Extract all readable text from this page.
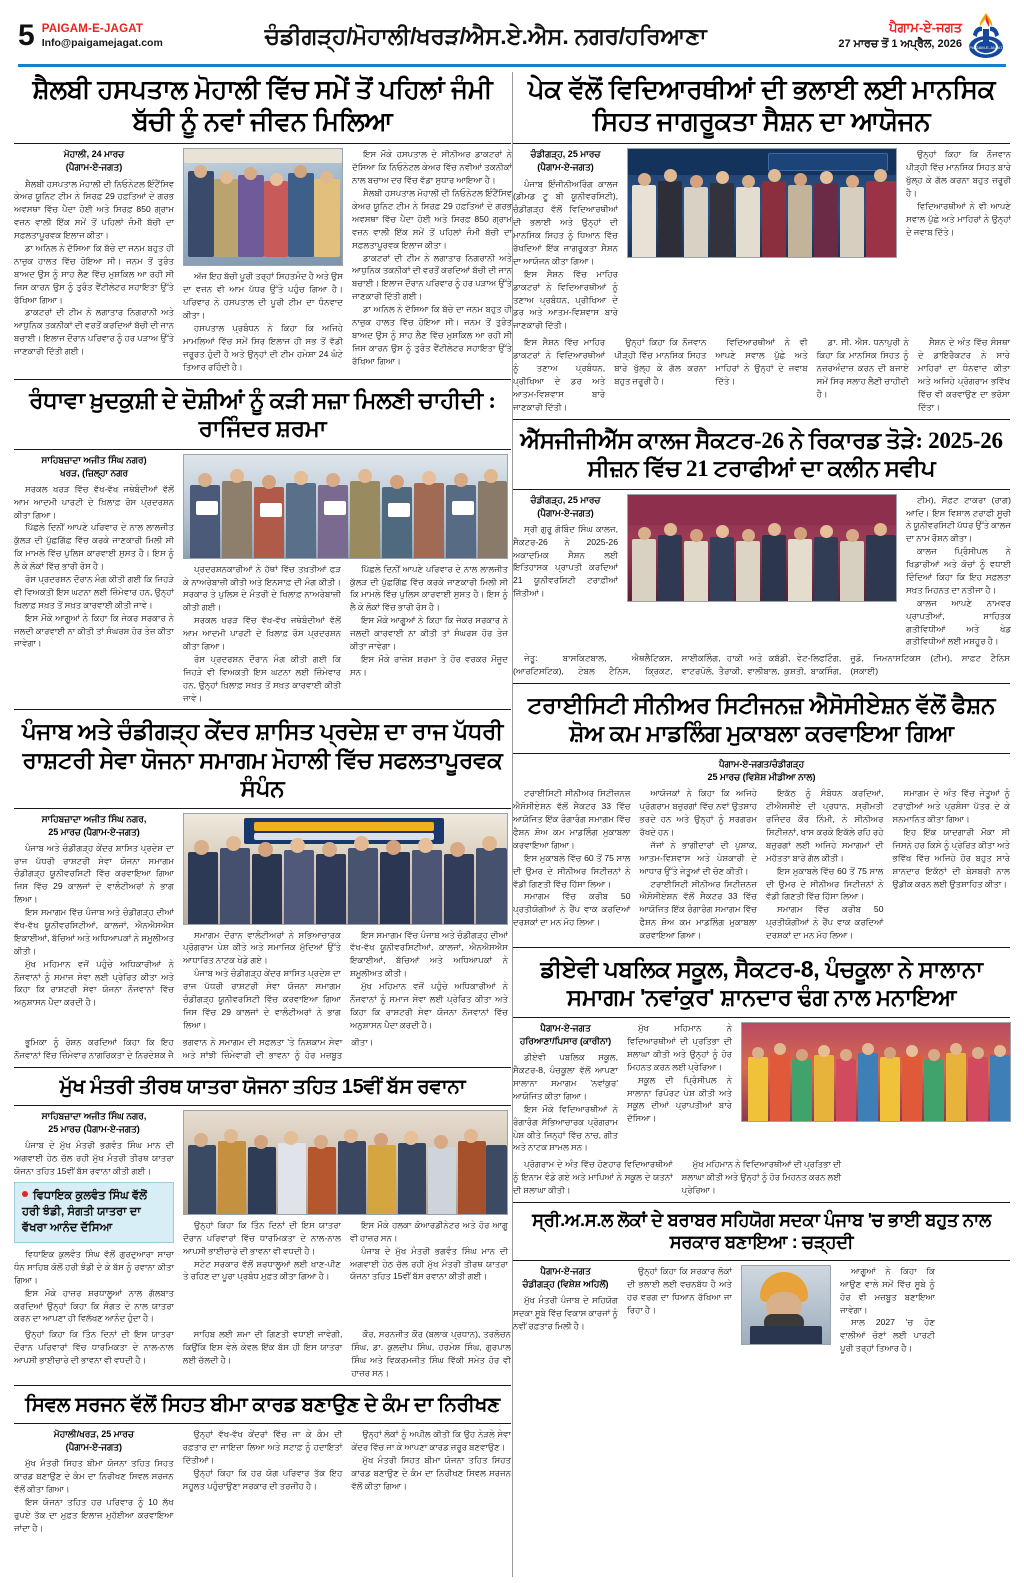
5 PAIGAM-E-JAGAT
Info@paigamejagat.com	ਚੰਡੀਗੜ੍ਹ/ਮੋਹਾਲੀ/ਖਰੜ/ਐਸ.ਏ.ਐਸ. ਨਗਰ/ਹਰਿਆਣਾ	ਪੈਗਾਮ-ਏ-ਜਗਤ
27 ਮਾਰਚ ਤੋਂ 1 ਅਪ੍ਰੈਲ, 2026 PAIGAM-E-JAGAT
ਸ਼ੈਲਬੀ ਹਸਪਤਾਲ ਮੋਹਾਲੀ ਵਿੱਚ ਸਮੇਂ ਤੋਂ ਪਹਿਲਾਂ ਜੰਮੀ ਬੱਚੀ ਨੂੰ ਨਵਾਂ ਜੀਵਨ ਮਿਲਿਆ
ਮੋਹਾਲੀ, 24 ਮਾਰਚ
(ਪੈਗਾਮ-ਏ-ਜਗਤ)

ਸ਼ੈਲਬੀ ਹਸਪਤਾਲ ਮੋਹਾਲੀ ਦੀ ਨਿਓਨੇਟਲ ਇੰਟੈਂਸਿਵ ਕੇਅਰ ਯੂਨਿਟ ਟੀਮ ਨੇ ਸਿਰਫ਼ 29 ਹਫ਼ਤਿਆਂ ਦੇ ਗਰਭ ਅਵਸਥਾ ਵਿੱਚ ਪੈਦਾ ਹੋਈ ਅਤੇ ਸਿਰਫ਼ 850 ਗ੍ਰਾਮ ਵਜ਼ਨ ਵਾਲੀ ਇੱਕ ਸਮੇਂ ਤੋਂ ਪਹਿਲਾਂ ਜੰਮੀ ਬੱਚੀ ਦਾ ਸਫ਼ਲਤਾਪੂਰਵਕ ਇਲਾਜ ਕੀਤਾ।

ਡਾ ਅਨਿਲ ਨੇ ਦੱਸਿਆ ਕਿ ਬੱਚੇ ਦਾ ਜਨਮ ਬਹੁਤ ਹੀ ਨਾਜ਼ੁਕ ਹਾਲਤ ਵਿੱਚ ਹੋਇਆ ਸੀ। ਜਨਮ ਤੋਂ ਤੁਰੰਤ ਬਾਅਦ ਉਸ ਨੂੰ ਸਾਹ ਲੈਣ ਵਿੱਚ ਮੁਸ਼ਕਿਲ ਆ ਰਹੀ ਸੀ ਜਿਸ ਕਾਰਨ ਉਸ ਨੂੰ ਤੁਰੰਤ ਵੈਂਟੀਲੇਟਰ ਸਹਾਇਤਾ ਉੱਤੇ ਰੱਖਿਆ ਗਿਆ।

ਡਾਕਟਰਾਂ ਦੀ ਟੀਮ ਨੇ ਲਗਾਤਾਰ ਨਿਗਰਾਨੀ ਅਤੇ ਆਧੁਨਿਕ ਤਕਨੀਕਾਂ ਦੀ ਵਰਤੋਂ ਕਰਦਿਆਂ ਬੱਚੀ ਦੀ ਜਾਨ ਬਚਾਈ। ਇਲਾਜ ਦੌਰਾਨ ਪਰਿਵਾਰ ਨੂੰ ਹਰ ਪੜਾਅ ਉੱਤੇ ਜਾਣਕਾਰੀ ਦਿੱਤੀ ਗਈ।

ਅੱਜ ਇਹ ਬੱਚੀ ਪੂਰੀ ਤਰ੍ਹਾਂ ਸਿਹਤਮੰਦ ਹੈ ਅਤੇ ਉਸ ਦਾ ਵਜ਼ਨ ਵੀ ਆਮ ਪੱਧਰ ਉੱਤੇ ਪਹੁੰਚ ਗਿਆ ਹੈ। ਪਰਿਵਾਰ ਨੇ ਹਸਪਤਾਲ ਦੀ ਪੂਰੀ ਟੀਮ ਦਾ ਧੰਨਵਾਦ ਕੀਤਾ।

ਹਸਪਤਾਲ ਪ੍ਰਬੰਧਨ ਨੇ ਕਿਹਾ ਕਿ ਅਜਿਹੇ ਮਾਮਲਿਆਂ ਵਿੱਚ ਸਮੇਂ ਸਿਰ ਇਲਾਜ ਹੀ ਸਭ ਤੋਂ ਵੱਡੀ ਜ਼ਰੂਰਤ ਹੁੰਦੀ ਹੈ ਅਤੇ ਉਨ੍ਹਾਂ ਦੀ ਟੀਮ ਹਮੇਸ਼ਾ 24 ਘੰਟੇ ਤਿਆਰ ਰਹਿੰਦੀ ਹੈ।

ਇਸ ਮੌਕੇ ਹਸਪਤਾਲ ਦੇ ਸੀਨੀਅਰ ਡਾਕਟਰਾਂ ਨੇ ਦੱਸਿਆ ਕਿ ਨਿਓਨੇਟਲ ਕੇਅਰ ਵਿੱਚ ਨਵੀਆਂ ਤਕਨੀਕਾਂ ਨਾਲ ਬਚਾਅ ਦਰ ਵਿੱਚ ਵੱਡਾ ਸੁਧਾਰ ਆਇਆ ਹੈ।

ਸ਼ੈਲਬੀ ਹਸਪਤਾਲ ਮੋਹਾਲੀ ਦੀ ਨਿਓਨੇਟਲ ਇੰਟੈਂਸਿਵ ਕੇਅਰ ਯੂਨਿਟ ਟੀਮ ਨੇ ਸਿਰਫ਼ 29 ਹਫ਼ਤਿਆਂ ਦੇ ਗਰਭ ਅਵਸਥਾ ਵਿੱਚ ਪੈਦਾ ਹੋਈ ਅਤੇ ਸਿਰਫ਼ 850 ਗ੍ਰਾਮ ਵਜ਼ਨ ਵਾਲੀ ਇੱਕ ਸਮੇਂ ਤੋਂ ਪਹਿਲਾਂ ਜੰਮੀ ਬੱਚੀ ਦਾ ਸਫ਼ਲਤਾਪੂਰਵਕ ਇਲਾਜ ਕੀਤਾ।

ਡਾਕਟਰਾਂ ਦੀ ਟੀਮ ਨੇ ਲਗਾਤਾਰ ਨਿਗਰਾਨੀ ਅਤੇ ਆਧੁਨਿਕ ਤਕਨੀਕਾਂ ਦੀ ਵਰਤੋਂ ਕਰਦਿਆਂ ਬੱਚੀ ਦੀ ਜਾਨ ਬਚਾਈ। ਇਲਾਜ ਦੌਰਾਨ ਪਰਿਵਾਰ ਨੂੰ ਹਰ ਪੜਾਅ ਉੱਤੇ ਜਾਣਕਾਰੀ ਦਿੱਤੀ ਗਈ।

ਡਾ ਅਨਿਲ ਨੇ ਦੱਸਿਆ ਕਿ ਬੱਚੇ ਦਾ ਜਨਮ ਬਹੁਤ ਹੀ ਨਾਜ਼ੁਕ ਹਾਲਤ ਵਿੱਚ ਹੋਇਆ ਸੀ। ਜਨਮ ਤੋਂ ਤੁਰੰਤ ਬਾਅਦ ਉਸ ਨੂੰ ਸਾਹ ਲੈਣ ਵਿੱਚ ਮੁਸ਼ਕਿਲ ਆ ਰਹੀ ਸੀ ਜਿਸ ਕਾਰਨ ਉਸ ਨੂੰ ਤੁਰੰਤ ਵੈਂਟੀਲੇਟਰ ਸਹਾਇਤਾ ਉੱਤੇ ਰੱਖਿਆ ਗਿਆ।

ਰੰਧਾਵਾ ਖ਼ੁਦਕੁਸ਼ੀ ਦੇ ਦੋਸ਼ੀਆਂ ਨੂੰ ਕੜੀ ਸਜ਼ਾ ਮਿਲਣੀ ਚਾਹੀਦੀ : ਰਾਜਿੰਦਰ ਸ਼ਰਮਾ
ਸਾਹਿਬਜ਼ਾਦਾ ਅਜੀਤ ਸਿੰਘ ਨਗਰ)
ਖਰੜ, (ਜ਼ਿਲ੍ਹਾ ਨਗਰ

ਸਰਕਲ ਖਰੜ ਵਿੱਚ ਵੱਖ-ਵੱਖ ਜਥੇਬੰਦੀਆਂ ਵੱਲੋਂ ਆਮ ਆਦਮੀ ਪਾਰਟੀ ਦੇ ਖ਼ਿਲਾਫ਼ ਰੋਸ ਪ੍ਰਦਰਸ਼ਨ ਕੀਤਾ ਗਿਆ।

ਪਿੱਛਲੇ ਦਿਨੀਂ ਆਪਣੇ ਪਰਿਵਾਰ ਦੇ ਨਾਲ ਲਾਲਜੀਤ ਕੁੱਲੜ ਦੀ ਪੁੱਛਗਿੱਛ ਵਿੱਚ ਕਰਕੇ ਜਾਣਕਾਰੀ ਮਿਲੀ ਸੀ ਕਿ ਮਾਮਲੇ ਵਿੱਚ ਪੁਲਿਸ ਕਾਰਵਾਈ ਸੁਸਤ ਹੈ। ਇਸ ਨੂੰ ਲੈ ਕੇ ਲੋਕਾਂ ਵਿੱਚ ਭਾਰੀ ਰੋਸ ਹੈ।

ਰੋਸ ਪ੍ਰਦਰਸ਼ਨ ਦੌਰਾਨ ਮੰਗ ਕੀਤੀ ਗਈ ਕਿ ਜਿਹੜੇ ਵੀ ਵਿਅਕਤੀ ਇਸ ਘਟਨਾ ਲਈ ਜ਼ਿੰਮੇਵਾਰ ਹਨ, ਉਨ੍ਹਾਂ ਖ਼ਿਲਾਫ਼ ਸਖ਼ਤ ਤੋਂ ਸਖ਼ਤ ਕਾਰਵਾਈ ਕੀਤੀ ਜਾਵੇ।

ਇਸ ਮੌਕੇ ਆਗੂਆਂ ਨੇ ਕਿਹਾ ਕਿ ਜੇਕਰ ਸਰਕਾਰ ਨੇ ਜਲਦੀ ਕਾਰਵਾਈ ਨਾ ਕੀਤੀ ਤਾਂ ਸੰਘਰਸ਼ ਹੋਰ ਤੇਜ਼ ਕੀਤਾ ਜਾਵੇਗਾ।

ਪ੍ਰਦਰਸ਼ਨਕਾਰੀਆਂ ਨੇ ਹੱਥਾਂ ਵਿੱਚ ਤਖ਼ਤੀਆਂ ਫੜ ਕੇ ਨਾਅਰੇਬਾਜ਼ੀ ਕੀਤੀ ਅਤੇ ਇਨਸਾਫ਼ ਦੀ ਮੰਗ ਕੀਤੀ। ਸਰਕਾਰ ਤੇ ਪੁਲਿਸ ਦੇ ਮੰਤਰੀ ਦੇ ਖਿਲਾਫ਼ ਨਾਅਰੇਬਾਜ਼ੀ ਕੀਤੀ ਗਈ।

ਸਰਕਲ ਖਰੜ ਵਿੱਚ ਵੱਖ-ਵੱਖ ਜਥੇਬੰਦੀਆਂ ਵੱਲੋਂ ਆਮ ਆਦਮੀ ਪਾਰਟੀ ਦੇ ਖ਼ਿਲਾਫ਼ ਰੋਸ ਪ੍ਰਦਰਸ਼ਨ ਕੀਤਾ ਗਿਆ।

ਰੋਸ ਪ੍ਰਦਰਸ਼ਨ ਦੌਰਾਨ ਮੰਗ ਕੀਤੀ ਗਈ ਕਿ ਜਿਹੜੇ ਵੀ ਵਿਅਕਤੀ ਇਸ ਘਟਨਾ ਲਈ ਜ਼ਿੰਮੇਵਾਰ ਹਨ, ਉਨ੍ਹਾਂ ਖ਼ਿਲਾਫ਼ ਸਖ਼ਤ ਤੋਂ ਸਖ਼ਤ ਕਾਰਵਾਈ ਕੀਤੀ ਜਾਵੇ।

ਪਿੱਛਲੇ ਦਿਨੀਂ ਆਪਣੇ ਪਰਿਵਾਰ ਦੇ ਨਾਲ ਲਾਲਜੀਤ ਕੁੱਲੜ ਦੀ ਪੁੱਛਗਿੱਛ ਵਿੱਚ ਕਰਕੇ ਜਾਣਕਾਰੀ ਮਿਲੀ ਸੀ ਕਿ ਮਾਮਲੇ ਵਿੱਚ ਪੁਲਿਸ ਕਾਰਵਾਈ ਸੁਸਤ ਹੈ। ਇਸ ਨੂੰ ਲੈ ਕੇ ਲੋਕਾਂ ਵਿੱਚ ਭਾਰੀ ਰੋਸ ਹੈ।

ਇਸ ਮੌਕੇ ਆਗੂਆਂ ਨੇ ਕਿਹਾ ਕਿ ਜੇਕਰ ਸਰਕਾਰ ਨੇ ਜਲਦੀ ਕਾਰਵਾਈ ਨਾ ਕੀਤੀ ਤਾਂ ਸੰਘਰਸ਼ ਹੋਰ ਤੇਜ਼ ਕੀਤਾ ਜਾਵੇਗਾ।

ਇਸ ਮੌਕੇ ਰਾਜੇਸ਼ ਸ਼ਰਮਾ ਤੇ ਹੋਰ ਵਰਕਰ ਮੌਜੂਦ ਸਨ।

ਪੰਜਾਬ ਅਤੇ ਚੰਡੀਗੜ੍ਹ ਕੇਂਦਰ ਸ਼ਾਸਿਤ ਪ੍ਰਦੇਸ਼ ਦਾ ਰਾਜ ਪੱਧਰੀ ਰਾਸ਼ਟਰੀ ਸੇਵਾ ਯੋਜਨਾ ਸਮਾਗਮ ਮੋਹਾਲੀ ਵਿੱਚ ਸਫਲਤਾਪੂਰਵਕ ਸੰਪੰਨ
ਸਾਹਿਬਜ਼ਾਦਾ ਅਜੀਤ ਸਿੰਘ ਨਗਰ,
25 ਮਾਰਚ (ਪੈਗਾਮ-ਏ-ਜਗਤ)

ਪੰਜਾਬ ਅਤੇ ਚੰਡੀਗੜ੍ਹ ਕੇਂਦਰ ਸ਼ਾਸਿਤ ਪ੍ਰਦੇਸ਼ ਦਾ ਰਾਜ ਪੱਧਰੀ ਰਾਸ਼ਟਰੀ ਸੇਵਾ ਯੋਜਨਾ ਸਮਾਗਮ ਚੰਡੀਗੜ੍ਹ ਯੂਨੀਵਰਸਿਟੀ ਵਿੱਚ ਕਰਵਾਇਆ ਗਿਆ ਜਿਸ ਵਿੱਚ 29 ਕਾਲਜਾਂ ਦੇ ਵਾਲੰਟੀਅਰਾਂ ਨੇ ਭਾਗ ਲਿਆ।

ਇਸ ਸਮਾਗਮ ਵਿੱਚ ਪੰਜਾਬ ਅਤੇ ਚੰਡੀਗੜ੍ਹ ਦੀਆਂ ਵੱਖ-ਵੱਖ ਯੂਨੀਵਰਸਿਟੀਆਂ, ਕਾਲਜਾਂ, ਐਨਐਸਐਸ ਇਕਾਈਆਂ, ਬੱਚਿਆਂ ਅਤੇ ਅਧਿਆਪਕਾਂ ਨੇ ਸ਼ਮੂਲੀਅਤ ਕੀਤੀ।

ਮੁੱਖ ਮਹਿਮਾਨ ਵਜੋਂ ਪਹੁੰਚੇ ਅਧਿਕਾਰੀਆਂ ਨੇ ਨੌਜਵਾਨਾਂ ਨੂੰ ਸਮਾਜ ਸੇਵਾ ਲਈ ਪ੍ਰੇਰਿਤ ਕੀਤਾ ਅਤੇ ਕਿਹਾ ਕਿ ਰਾਸ਼ਟਰੀ ਸੇਵਾ ਯੋਜਨਾ ਨੌਜਵਾਨਾਂ ਵਿੱਚ ਅਨੁਸ਼ਾਸਨ ਪੈਦਾ ਕਰਦੀ ਹੈ।

ਸਮਾਗਮ ਦੌਰਾਨ ਵਾਲੰਟੀਅਰਾਂ ਨੇ ਸਭਿਆਚਾਰਕ ਪ੍ਰੋਗਰਾਮ ਪੇਸ਼ ਕੀਤੇ ਅਤੇ ਸਮਾਜਿਕ ਮੁੱਦਿਆਂ ਉੱਤੇ ਆਧਾਰਿਤ ਨਾਟਕ ਖੇਡੇ ਗਏ।

ਪੰਜਾਬ ਅਤੇ ਚੰਡੀਗੜ੍ਹ ਕੇਂਦਰ ਸ਼ਾਸਿਤ ਪ੍ਰਦੇਸ਼ ਦਾ ਰਾਜ ਪੱਧਰੀ ਰਾਸ਼ਟਰੀ ਸੇਵਾ ਯੋਜਨਾ ਸਮਾਗਮ ਚੰਡੀਗੜ੍ਹ ਯੂਨੀਵਰਸਿਟੀ ਵਿੱਚ ਕਰਵਾਇਆ ਗਿਆ ਜਿਸ ਵਿੱਚ 29 ਕਾਲਜਾਂ ਦੇ ਵਾਲੰਟੀਅਰਾਂ ਨੇ ਭਾਗ ਲਿਆ।

ਇਸ ਸਮਾਗਮ ਵਿੱਚ ਪੰਜਾਬ ਅਤੇ ਚੰਡੀਗੜ੍ਹ ਦੀਆਂ ਵੱਖ-ਵੱਖ ਯੂਨੀਵਰਸਿਟੀਆਂ, ਕਾਲਜਾਂ, ਐਨਐਸਐਸ ਇਕਾਈਆਂ, ਬੱਚਿਆਂ ਅਤੇ ਅਧਿਆਪਕਾਂ ਨੇ ਸ਼ਮੂਲੀਅਤ ਕੀਤੀ।

ਮੁੱਖ ਮਹਿਮਾਨ ਵਜੋਂ ਪਹੁੰਚੇ ਅਧਿਕਾਰੀਆਂ ਨੇ ਨੌਜਵਾਨਾਂ ਨੂੰ ਸਮਾਜ ਸੇਵਾ ਲਈ ਪ੍ਰੇਰਿਤ ਕੀਤਾ ਅਤੇ ਕਿਹਾ ਕਿ ਰਾਸ਼ਟਰੀ ਸੇਵਾ ਯੋਜਨਾ ਨੌਜਵਾਨਾਂ ਵਿੱਚ ਅਨੁਸ਼ਾਸਨ ਪੈਦਾ ਕਰਦੀ ਹੈ।

ਭੂਮਿਕਾ ਨੂੰ ਰੋਸ਼ਨ ਕਰਦਿਆਂ ਕਿਹਾ ਕਿ ਇਹ ਨੌਜਵਾਨਾਂ ਵਿੱਚ ਜ਼ਿੰਮੇਵਾਰ ਨਾਗਰਿਕਤਾ ਦੇ ਨਿਰਦੇਸ਼ਕ ਜੈ ਭਗਵਾਨ ਨੇ ਸਮਾਗਮ ਦੀ ਸਫਲਤਾ 'ਤੇ ਨਿਸ਼ਕਾਮ ਸੇਵਾ ਅਤੇ ਸਾਂਝੀ ਜ਼ਿੰਮੇਵਾਰੀ ਦੀ ਭਾਵਨਾ ਨੂੰ ਹੋਰ ਮਜ਼ਬੂਤ ਕੀਤਾ।

ਮੁੱਖ ਮੰਤਰੀ ਤੀਰਥ ਯਾਤਰਾ ਯੋਜਨਾ ਤਹਿਤ 15ਵੀਂ ਬੱਸ ਰਵਾਨਾ
ਸਾਹਿਬਜ਼ਾਦਾ ਅਜੀਤ ਸਿੰਘ ਨਗਰ,
25 ਮਾਰਚ (ਪੈਗਾਮ-ਏ-ਜਗਤ)

ਪੰਜਾਬ ਦੇ ਮੁੱਖ ਮੰਤਰੀ ਭਗਵੰਤ ਸਿੰਘ ਮਾਨ ਦੀ ਅਗਵਾਈ ਹੇਠ ਚੱਲ ਰਹੀ ਮੁੱਖ ਮੰਤਰੀ ਤੀਰਥ ਯਾਤਰਾ ਯੋਜਨਾ ਤਹਿਤ 15ਵੀਂ ਬੱਸ ਰਵਾਨਾ ਕੀਤੀ ਗਈ।

ਵਿਧਾਇਕ ਕੁਲਵੰਤ ਸਿੰਘ ਵੱਲੋਂ ਹਰੀ ਝੰਡੀ, ਸੰਗਤੀ ਯਾਤਰਾ ਦਾ ਵੱਖਰਾ ਆਨੰਦ ਦੱਸਿਆ

ਵਿਧਾਇਕ ਕੁਲਵੰਤ ਸਿੰਘ ਵੱਲੋਂ ਗੁਰਦੁਆਰਾ ਸਾਚਾ ਧੰਨ ਸਾਹਿਬ ਕੋਲੋਂ ਹਰੀ ਝੰਡੀ ਦੇ ਕੇ ਬੱਸ ਨੂੰ ਰਵਾਨਾ ਕੀਤਾ ਗਿਆ।

ਇਸ ਮੌਕੇ ਹਾਜ਼ਰ ਸ਼ਰਧਾਲੂਆਂ ਨਾਲ ਗੱਲਬਾਤ ਕਰਦਿਆਂ ਉਨ੍ਹਾਂ ਕਿਹਾ ਕਿ ਸੰਗਤ ਦੇ ਨਾਲ ਯਾਤਰਾ ਕਰਨ ਦਾ ਆਪਣਾ ਹੀ ਵਿਲੱਖਣ ਆਨੰਦ ਹੁੰਦਾ ਹੈ।

ਉਨ੍ਹਾਂ ਕਿਹਾ ਕਿ ਤਿੰਨ ਦਿਨਾਂ ਦੀ ਇਸ ਯਾਤਰਾ ਦੌਰਾਨ ਪਰਿਵਾਰਾਂ ਵਿੱਚ ਧਾਰਮਿਕਤਾ ਦੇ ਨਾਲ-ਨਾਲ ਆਪਸੀ ਭਾਈਚਾਰੇ ਦੀ ਭਾਵਨਾ ਵੀ ਵਧਦੀ ਹੈ।

ਸਟੇਟ ਸਰਕਾਰ ਵੱਲੋਂ ਸ਼ਰਧਾਲੂਆਂ ਲਈ ਖਾਣ-ਪੀਣ ਤੇ ਰਹਿਣ ਦਾ ਪੂਰਾ ਪ੍ਰਬੰਧ ਮੁਫ਼ਤ ਕੀਤਾ ਗਿਆ ਹੈ।

ਇਸ ਮੌਕੇ ਹਲਕਾ ਕੋਆਰਡੀਨੇਟਰ ਅਤੇ ਹੋਰ ਆਗੂ ਵੀ ਹਾਜ਼ਰ ਸਨ।

ਪੰਜਾਬ ਦੇ ਮੁੱਖ ਮੰਤਰੀ ਭਗਵੰਤ ਸਿੰਘ ਮਾਨ ਦੀ ਅਗਵਾਈ ਹੇਠ ਚੱਲ ਰਹੀ ਮੁੱਖ ਮੰਤਰੀ ਤੀਰਥ ਯਾਤਰਾ ਯੋਜਨਾ ਤਹਿਤ 15ਵੀਂ ਬੱਸ ਰਵਾਨਾ ਕੀਤੀ ਗਈ।

ਉਨ੍ਹਾਂ ਕਿਹਾ ਕਿ ਤਿੰਨ ਦਿਨਾਂ ਦੀ ਇਸ ਯਾਤਰਾ ਦੌਰਾਨ ਪਰਿਵਾਰਾਂ ਵਿੱਚ ਧਾਰਮਿਕਤਾ ਦੇ ਨਾਲ-ਨਾਲ ਆਪਸੀ ਭਾਈਚਾਰੇ ਦੀ ਭਾਵਨਾ ਵੀ ਵਧਦੀ ਹੈ।

ਸਾਹਿਬ ਲਈ ਸ਼ਮਾ ਦੀ ਗਿਣਤੀ ਵਧਾਈ ਜਾਵੇਗੀ, ਕਿਉਂਕਿ ਇਸ ਵੇਲੇ ਕੇਵਲ ਇੱਕ ਬੱਸ ਹੀ ਇਸ ਯਾਤਰਾ ਲਈ ਚੱਲਦੀ ਹੈ।

ਕੌਰ, ਸਰਨਜੀਤ ਕੌਰ (ਬਲਾਕ ਪ੍ਰਧਾਨ), ਤਰਲੋਚਨ ਸਿੰਘ, ਡਾ. ਕੁਲਦੀਪ ਸਿੰਘ, ਹਰਮੇਸ਼ ਸਿੰਘ, ਗੁਰਪਾਲ ਸਿੰਘ ਅਤੇ ਵਿਕਰਮਜੀਤ ਸਿੰਘ ਵਿੱਕੀ ਸਮੇਤ ਹੋਰ ਵੀ ਹਾਜ਼ਰ ਸਨ।

ਸਿਵਲ ਸਰਜਨ ਵੱਲੋਂ ਸਿਹਤ ਬੀਮਾ ਕਾਰਡ ਬਣਾਉਣ ਦੇ ਕੰਮ ਦਾ ਨਿਰੀਖਣ
ਮੋਹਾਲੀ/ਖਰੜ, 25 ਮਾਰਚ
(ਪੈਗਾਮ-ਏ-ਜਗਤ)

ਮੁੱਖ ਮੰਤਰੀ ਸਿਹਤ ਬੀਮਾ ਯੋਜਨਾ ਤਹਿਤ ਸਿਹਤ ਕਾਰਡ ਬਣਾਉਣ ਦੇ ਕੰਮ ਦਾ ਨਿਰੀਖਣ ਸਿਵਲ ਸਰਜਨ ਵੱਲੋਂ ਕੀਤਾ ਗਿਆ।

ਇਸ ਯੋਜਨਾ ਤਹਿਤ ਹਰ ਪਰਿਵਾਰ ਨੂੰ 10 ਲੱਖ ਰੁਪਏ ਤੱਕ ਦਾ ਮੁਫ਼ਤ ਇਲਾਜ ਮੁਹੱਈਆ ਕਰਵਾਇਆ ਜਾਂਦਾ ਹੈ।

ਉਨ੍ਹਾਂ ਵੱਖ-ਵੱਖ ਕੇਂਦਰਾਂ ਵਿੱਚ ਜਾ ਕੇ ਕੰਮ ਦੀ ਰਫ਼ਤਾਰ ਦਾ ਜਾਇਜ਼ਾ ਲਿਆ ਅਤੇ ਸਟਾਫ਼ ਨੂੰ ਹਦਾਇਤਾਂ ਦਿੱਤੀਆਂ।

ਉਨ੍ਹਾਂ ਕਿਹਾ ਕਿ ਹਰ ਯੋਗ ਪਰਿਵਾਰ ਤੱਕ ਇਹ ਸਹੂਲਤ ਪਹੁੰਚਾਉਣਾ ਸਰਕਾਰ ਦੀ ਤਰਜੀਹ ਹੈ।

ਉਨ੍ਹਾਂ ਲੋਕਾਂ ਨੂੰ ਅਪੀਲ ਕੀਤੀ ਕਿ ਉਹ ਨੇੜਲੇ ਸੇਵਾ ਕੇਂਦਰ ਵਿੱਚ ਜਾ ਕੇ ਆਪਣਾ ਕਾਰਡ ਜ਼ਰੂਰ ਬਣਵਾਉਣ।

ਮੁੱਖ ਮੰਤਰੀ ਸਿਹਤ ਬੀਮਾ ਯੋਜਨਾ ਤਹਿਤ ਸਿਹਤ ਕਾਰਡ ਬਣਾਉਣ ਦੇ ਕੰਮ ਦਾ ਨਿਰੀਖਣ ਸਿਵਲ ਸਰਜਨ ਵੱਲੋਂ ਕੀਤਾ ਗਿਆ।

ਪੇਕ ਵੱਲੋਂ ਵਿਦਿਆਰਥੀਆਂ ਦੀ ਭਲਾਈ ਲਈ ਮਾਨਸਿਕ ਸਿਹਤ ਜਾਗਰੂਕਤਾ ਸੈਸ਼ਨ ਦਾ ਆਯੋਜਨ
ਚੰਡੀਗੜ੍ਹ, 25 ਮਾਰਚ
(ਪੈਗਾਮ-ਏ-ਜਗਤ)

ਪੰਜਾਬ ਇੰਜੀਨੀਅਰਿੰਗ ਕਾਲਜ (ਡੀਮਡ ਟੂ ਬੀ ਯੂਨੀਵਰਸਿਟੀ), ਚੰਡੀਗੜ੍ਹ ਵੱਲੋਂ ਵਿਦਿਆਰਥੀਆਂ ਦੀ ਭਲਾਈ ਅਤੇ ਉਨ੍ਹਾਂ ਦੀ ਮਾਨਸਿਕ ਸਿਹਤ ਨੂੰ ਧਿਆਨ ਵਿੱਚ ਰੱਖਦਿਆਂ ਇੱਕ ਜਾਗਰੂਕਤਾ ਸੈਸ਼ਨ ਦਾ ਆਯੋਜਨ ਕੀਤਾ ਗਿਆ।

ਇਸ ਸੈਸ਼ਨ ਵਿੱਚ ਮਾਹਿਰ ਡਾਕਟਰਾਂ ਨੇ ਵਿਦਿਆਰਥੀਆਂ ਨੂੰ ਤਣਾਅ ਪ੍ਰਬੰਧਨ, ਪ੍ਰੀਖਿਆ ਦੇ ਡਰ ਅਤੇ ਆਤਮ-ਵਿਸ਼ਵਾਸ ਬਾਰੇ ਜਾਣਕਾਰੀ ਦਿੱਤੀ।

ਉਨ੍ਹਾਂ ਕਿਹਾ ਕਿ ਨੌਜਵਾਨ ਪੀੜ੍ਹੀ ਵਿੱਚ ਮਾਨਸਿਕ ਸਿਹਤ ਬਾਰੇ ਖੁੱਲ੍ਹ ਕੇ ਗੱਲ ਕਰਨਾ ਬਹੁਤ ਜ਼ਰੂਰੀ ਹੈ।

ਵਿਦਿਆਰਥੀਆਂ ਨੇ ਵੀ ਆਪਣੇ ਸਵਾਲ ਪੁੱਛੇ ਅਤੇ ਮਾਹਿਰਾਂ ਨੇ ਉਨ੍ਹਾਂ ਦੇ ਜਵਾਬ ਦਿੱਤੇ।

ਇਸ ਸੈਸ਼ਨ ਵਿੱਚ ਮਾਹਿਰ ਡਾਕਟਰਾਂ ਨੇ ਵਿਦਿਆਰਥੀਆਂ ਨੂੰ ਤਣਾਅ ਪ੍ਰਬੰਧਨ, ਪ੍ਰੀਖਿਆ ਦੇ ਡਰ ਅਤੇ ਆਤਮ-ਵਿਸ਼ਵਾਸ ਬਾਰੇ ਜਾਣਕਾਰੀ ਦਿੱਤੀ।

ਉਨ੍ਹਾਂ ਕਿਹਾ ਕਿ ਨੌਜਵਾਨ ਪੀੜ੍ਹੀ ਵਿੱਚ ਮਾਨਸਿਕ ਸਿਹਤ ਬਾਰੇ ਖੁੱਲ੍ਹ ਕੇ ਗੱਲ ਕਰਨਾ ਬਹੁਤ ਜ਼ਰੂਰੀ ਹੈ।

ਵਿਦਿਆਰਥੀਆਂ ਨੇ ਵੀ ਆਪਣੇ ਸਵਾਲ ਪੁੱਛੇ ਅਤੇ ਮਾਹਿਰਾਂ ਨੇ ਉਨ੍ਹਾਂ ਦੇ ਜਵਾਬ ਦਿੱਤੇ।

ਡਾ. ਸੀ. ਐਸ. ਧਨਾਪੁਰੀ ਨੇ ਕਿਹਾ ਕਿ ਮਾਨਸਿਕ ਸਿਹਤ ਨੂੰ ਨਜ਼ਰਅੰਦਾਜ਼ ਕਰਨ ਦੀ ਬਜਾਏ ਸਮੇਂ ਸਿਰ ਸਲਾਹ ਲੈਣੀ ਚਾਹੀਦੀ ਹੈ।

ਸੈਸ਼ਨ ਦੇ ਅੰਤ ਵਿੱਚ ਸੰਸਥਾ ਦੇ ਡਾਇਰੈਕਟਰ ਨੇ ਸਾਰੇ ਮਾਹਿਰਾਂ ਦਾ ਧੰਨਵਾਦ ਕੀਤਾ ਅਤੇ ਅਜਿਹੇ ਪ੍ਰੋਗਰਾਮ ਭਵਿੱਖ ਵਿੱਚ ਵੀ ਕਰਵਾਉਣ ਦਾ ਭਰੋਸਾ ਦਿੱਤਾ।

ਐੱਸਜੀਜੀਐੱਸ ਕਾਲਜ ਸੈਕਟਰ-26 ਨੇ ਰਿਕਾਰਡ ਤੋੜੇ: 2025-26 ਸੀਜ਼ਨ ਵਿੱਚ 21 ਟਰਾਫੀਆਂ ਦਾ ਕਲੀਨ ਸਵੀਪ
ਚੰਡੀਗੜ੍ਹ, 25 ਮਾਰਚ
(ਪੈਗਾਮ-ਏ-ਜਗਤ)

ਸ੍ਰੀ ਗੁਰੂ ਗੋਬਿੰਦ ਸਿੰਘ ਕਾਲਜ, ਸੈਕਟਰ-26 ਨੇ 2025-26 ਅਕਾਦਮਿਕ ਸੈਸ਼ਨ ਲਈ ਇਤਿਹਾਸਕ ਪ੍ਰਾਪਤੀ ਕਰਦਿਆਂ 21 ਯੂਨੀਵਰਸਿਟੀ ਟਰਾਫ਼ੀਆਂ ਜਿੱਤੀਆਂ।

ਟੀਮ), ਸੌਫ਼ਟ ਟਾਕਰਾ (ਰਾਗ) ਆਦਿ। ਇਸ ਵਿਸ਼ਾਲ ਟਰਾਫੀ ਸੂਚੀ ਨੇ ਯੂਨੀਵਰਸਿਟੀ ਪੱਧਰ ਉੱਤੇ ਕਾਲਜ ਦਾ ਨਾਮ ਰੌਸ਼ਨ ਕੀਤਾ।

ਕਾਲਜ ਪ੍ਰਿੰਸੀਪਲ ਨੇ ਖਿਡਾਰੀਆਂ ਅਤੇ ਕੋਚਾਂ ਨੂੰ ਵਧਾਈ ਦਿੰਦਿਆਂ ਕਿਹਾ ਕਿ ਇਹ ਸਫ਼ਲਤਾ ਸਖ਼ਤ ਮਿਹਨਤ ਦਾ ਨਤੀਜਾ ਹੈ।

ਕਾਲਜ ਆਪਣੇ ਨਾਮਵਰ ਪ੍ਰਾਪਤੀਆਂ, ਸਾਹਿਤਕ ਗਤੀਵਿਧੀਆਂ ਅਤੇ ਖੇਡ ਗਤੀਵਿਧੀਆਂ ਲਈ ਮਸ਼ਹੂਰ ਹੈ।

ਜੇਤੂ: ਬਾਸਕਿਟਬਾਲ, ਐਥਲੈਟਿਕਸ, (ਆਰਟਿਸਟਿਕ), ਟੇਬਲ ਟੈਨਿਸ, ਕ੍ਰਿਕਟ, ਸਾਈਕਲਿੰਗ, ਹਾਕੀ ਅਤੇ ਕਬੱਡੀ, ਵੇਟ-ਲਿਫਟਿੰਗ, ਵਾਟਰਪੋਲੋ, ਤੈਰਾਕੀ, ਵਾਲੀਬਾਲ, ਕੁਸ਼ਤੀ, ਬਾਕਸਿੰਗ, ਜੂਡੋ, ਜਿਮਨਾਸਟਿਕਸ (ਟੀਮ), ਸਾਫ਼ਟ ਟੈਨਿਸ (ਸਕਾਈ)

ਟਰਾਈਸਿਟੀ ਸੀਨੀਅਰ ਸਿਟੀਜਨਜ਼ ਐਸੋਸੀਏਸ਼ਨ ਵੱਲੋਂ ਫੈਸ਼ਨ ਸ਼ੋਅ ਕਮ ਮਾਡਲਿੰਗ ਮੁਕਾਬਲਾ ਕਰਵਾਇਆ ਗਿਆ
ਪੈਗਾਮ-ਏ-ਜਗਤ/ਚੰਡੀਗੜ੍ਹ
25 ਮਾਰਚ (ਵਿਸ਼ੇਸ਼ ਮੀਡੀਆ ਨਾਲ)

ਟਰਾਈਸਿਟੀ ਸੀਨੀਅਰ ਸਿਟੀਜ਼ਨਜ਼ ਐਸੋਸੀਏਸ਼ਨ ਵੱਲੋਂ ਸੈਕਟਰ 33 ਵਿੱਚ ਆਯੋਜਿਤ ਇੱਕ ਰੰਗਾਰੰਗ ਸਮਾਗਮ ਵਿੱਚ ਫੈਸ਼ਨ ਸ਼ੋਅ ਕਮ ਮਾਡਲਿੰਗ ਮੁਕਾਬਲਾ ਕਰਵਾਇਆ ਗਿਆ।

ਇਸ ਮੁਕਾਬਲੇ ਵਿੱਚ 60 ਤੋਂ 75 ਸਾਲ ਦੀ ਉਮਰ ਦੇ ਸੀਨੀਅਰ ਸਿਟੀਜ਼ਨਾਂ ਨੇ ਵੱਡੀ ਗਿਣਤੀ ਵਿੱਚ ਹਿੱਸਾ ਲਿਆ।

ਸਮਾਗਮ ਵਿੱਚ ਕਰੀਬ 50 ਪ੍ਰਤੀਯੋਗੀਆਂ ਨੇ ਰੈਂਪ ਵਾਕ ਕਰਦਿਆਂ ਦਰਸ਼ਕਾਂ ਦਾ ਮਨ ਮੋਹ ਲਿਆ।

ਆਯੋਜਕਾਂ ਨੇ ਕਿਹਾ ਕਿ ਅਜਿਹੇ ਪ੍ਰੋਗਰਾਮ ਬਜ਼ੁਰਗਾਂ ਵਿੱਚ ਨਵਾਂ ਉਤਸ਼ਾਹ ਭਰਦੇ ਹਨ ਅਤੇ ਉਨ੍ਹਾਂ ਨੂੰ ਸਰਗਰਮ ਰੱਖਦੇ ਹਨ।

ਜੱਜਾਂ ਨੇ ਭਾਗੀਦਾਰਾਂ ਦੀ ਪੁਸ਼ਾਕ, ਆਤਮ-ਵਿਸ਼ਵਾਸ ਅਤੇ ਪੇਸ਼ਕਾਰੀ ਦੇ ਆਧਾਰ ਉੱਤੇ ਜੇਤੂਆਂ ਦੀ ਚੋਣ ਕੀਤੀ।

ਟਰਾਈਸਿਟੀ ਸੀਨੀਅਰ ਸਿਟੀਜ਼ਨਜ਼ ਐਸੋਸੀਏਸ਼ਨ ਵੱਲੋਂ ਸੈਕਟਰ 33 ਵਿੱਚ ਆਯੋਜਿਤ ਇੱਕ ਰੰਗਾਰੰਗ ਸਮਾਗਮ ਵਿੱਚ ਫੈਸ਼ਨ ਸ਼ੋਅ ਕਮ ਮਾਡਲਿੰਗ ਮੁਕਾਬਲਾ ਕਰਵਾਇਆ ਗਿਆ।

ਇਕੱਠ ਨੂੰ ਸੰਬੋਧਨ ਕਰਦਿਆਂ, ਟੀਐਸਸੀਏ ਦੀ ਪ੍ਰਧਾਨ, ਸ੍ਰੀਮਤੀ ਰਜਿੰਦਰ ਕੌਰ ਨਿੰਮੀ, ਨੇ ਸੀਨੀਅਰ ਸਿਟੀਜ਼ਨਾਂ, ਖਾਸ ਕਰਕੇ ਇਕੱਲੇ ਰਹਿ ਰਹੇ ਬਜ਼ੁਰਗਾਂ ਲਈ ਅਜਿਹੇ ਸਮਾਗਮਾਂ ਦੀ ਮਹੱਤਤਾ ਬਾਰੇ ਗੱਲ ਕੀਤੀ।

ਇਸ ਮੁਕਾਬਲੇ ਵਿੱਚ 60 ਤੋਂ 75 ਸਾਲ ਦੀ ਉਮਰ ਦੇ ਸੀਨੀਅਰ ਸਿਟੀਜ਼ਨਾਂ ਨੇ ਵੱਡੀ ਗਿਣਤੀ ਵਿੱਚ ਹਿੱਸਾ ਲਿਆ।

ਸਮਾਗਮ ਵਿੱਚ ਕਰੀਬ 50 ਪ੍ਰਤੀਯੋਗੀਆਂ ਨੇ ਰੈਂਪ ਵਾਕ ਕਰਦਿਆਂ ਦਰਸ਼ਕਾਂ ਦਾ ਮਨ ਮੋਹ ਲਿਆ।

ਸਮਾਗਮ ਦੇ ਅੰਤ ਵਿੱਚ ਜੇਤੂਆਂ ਨੂੰ ਟਰਾਫ਼ੀਆਂ ਅਤੇ ਪ੍ਰਸ਼ੰਸਾ ਪੱਤਰ ਦੇ ਕੇ ਸਨਮਾਨਿਤ ਕੀਤਾ ਗਿਆ।

ਇਹ ਇੱਕ ਯਾਦਗਾਰੀ ਮੌਕਾ ਸੀ ਜਿਸਨੇ ਹਰ ਕਿਸੇ ਨੂੰ ਪ੍ਰੇਰਿਤ ਕੀਤਾ ਅਤੇ ਭਵਿੱਖ ਵਿੱਚ ਅਜਿਹੇ ਹੋਰ ਬਹੁਤ ਸਾਰੇ ਸ਼ਾਨਦਾਰ ਇਕੱਠਾਂ ਦੀ ਬੇਸਬਰੀ ਨਾਲ ਉਡੀਕ ਕਰਨ ਲਈ ਉਤਸ਼ਾਹਿਤ ਕੀਤਾ।

ਡੀਏਵੀ ਪਬਲਿਕ ਸਕੂਲ, ਸੈਕਟਰ-8, ਪੰਚਕੂਲਾ ਨੇ ਸਾਲਾਨਾ ਸਮਾਗਮ 'ਨਵਾਂਕੁਰ' ਸ਼ਾਨਦਾਰ ਢੰਗ ਨਾਲ ਮਨਾਇਆ
ਪੈਗਾਮ-ਏ-ਜਗਤ
ਹਰਿਆਣਾ/ਪਿਸਾਰ (ਕਾਰੀਨਾ)

ਡੀਏਵੀ ਪਬਲਿਕ ਸਕੂਲ, ਸੈਕਟਰ-8, ਪੰਚਕੂਲਾ ਵੱਲੋਂ ਆਪਣਾ ਸਾਲਾਨਾ ਸਮਾਗਮ 'ਨਵਾਂਕੁਰ' ਆਯੋਜਿਤ ਕੀਤਾ ਗਿਆ।

ਇਸ ਮੌਕੇ ਵਿਦਿਆਰਥੀਆਂ ਨੇ ਰੰਗਾਰੰਗ ਸੱਭਿਆਚਾਰਕ ਪ੍ਰੋਗਰਾਮ ਪੇਸ਼ ਕੀਤੇ ਜਿਨ੍ਹਾਂ ਵਿੱਚ ਨਾਚ, ਗੀਤ ਅਤੇ ਨਾਟਕ ਸ਼ਾਮਲ ਸਨ।

ਮੁੱਖ ਮਹਿਮਾਨ ਨੇ ਵਿਦਿਆਰਥੀਆਂ ਦੀ ਪ੍ਰਤਿਭਾ ਦੀ ਸ਼ਲਾਘਾ ਕੀਤੀ ਅਤੇ ਉਨ੍ਹਾਂ ਨੂੰ ਹੋਰ ਮਿਹਨਤ ਕਰਨ ਲਈ ਪ੍ਰੇਰਿਆ।

ਸਕੂਲ ਦੀ ਪ੍ਰਿੰਸੀਪਲ ਨੇ ਸਾਲਾਨਾ ਰਿਪੋਰਟ ਪੇਸ਼ ਕੀਤੀ ਅਤੇ ਸਕੂਲ ਦੀਆਂ ਪ੍ਰਾਪਤੀਆਂ ਬਾਰੇ ਦੱਸਿਆ।

ਪ੍ਰੋਗਰਾਮ ਦੇ ਅੰਤ ਵਿੱਚ ਹੋਣਹਾਰ ਵਿਦਿਆਰਥੀਆਂ ਨੂੰ ਇਨਾਮ ਵੰਡੇ ਗਏ ਅਤੇ ਮਾਪਿਆਂ ਨੇ ਸਕੂਲ ਦੇ ਯਤਨਾਂ ਦੀ ਸ਼ਲਾਘਾ ਕੀਤੀ।

ਮੁੱਖ ਮਹਿਮਾਨ ਨੇ ਵਿਦਿਆਰਥੀਆਂ ਦੀ ਪ੍ਰਤਿਭਾ ਦੀ ਸ਼ਲਾਘਾ ਕੀਤੀ ਅਤੇ ਉਨ੍ਹਾਂ ਨੂੰ ਹੋਰ ਮਿਹਨਤ ਕਰਨ ਲਈ ਪ੍ਰੇਰਿਆ।

ਸ੍ਰੀ.ਅ.ਸ.ਲ ਲੋਕਾਂ ਦੇ ਬਰਾਬਰ ਸਹਿਯੋਗ ਸਦਕਾ ਪੰਜਾਬ 'ਚ ਭਾਈ ਬਹੁਤ ਨਾਲ ਸਰਕਾਰ ਬਣਾਇਆ : ਚੜ੍ਹਦੀ
ਪੈਗਾਮ-ਏ-ਜਗਤ
ਚੰਡੀਗੜ੍ਹ (ਵਿਸ਼ੇਸ਼ ਅਹਿਲੋਂ)

ਮੁੱਖ ਮੰਤਰੀ ਪੰਜਾਬ ਦੇ ਸਹਿਯੋਗ ਸਦਕਾ ਸੂਬੇ ਵਿੱਚ ਵਿਕਾਸ ਕਾਰਜਾਂ ਨੂੰ ਨਵੀਂ ਰਫ਼ਤਾਰ ਮਿਲੀ ਹੈ।

ਉਨ੍ਹਾਂ ਕਿਹਾ ਕਿ ਸਰਕਾਰ ਲੋਕਾਂ ਦੀ ਭਲਾਈ ਲਈ ਵਚਨਬੱਧ ਹੈ ਅਤੇ ਹਰ ਵਰਗ ਦਾ ਧਿਆਨ ਰੱਖਿਆ ਜਾ ਰਿਹਾ ਹੈ।

ਆਗੂਆਂ ਨੇ ਕਿਹਾ ਕਿ ਆਉਣ ਵਾਲੇ ਸਮੇਂ ਵਿੱਚ ਸੂਬੇ ਨੂੰ ਹੋਰ ਵੀ ਮਜ਼ਬੂਤ ਬਣਾਇਆ ਜਾਵੇਗਾ।

ਸਾਲ 2027 'ਚ ਹੋਣ ਵਾਲੀਆਂ ਚੋਣਾਂ ਲਈ ਪਾਰਟੀ ਪੂਰੀ ਤਰ੍ਹਾਂ ਤਿਆਰ ਹੈ।
